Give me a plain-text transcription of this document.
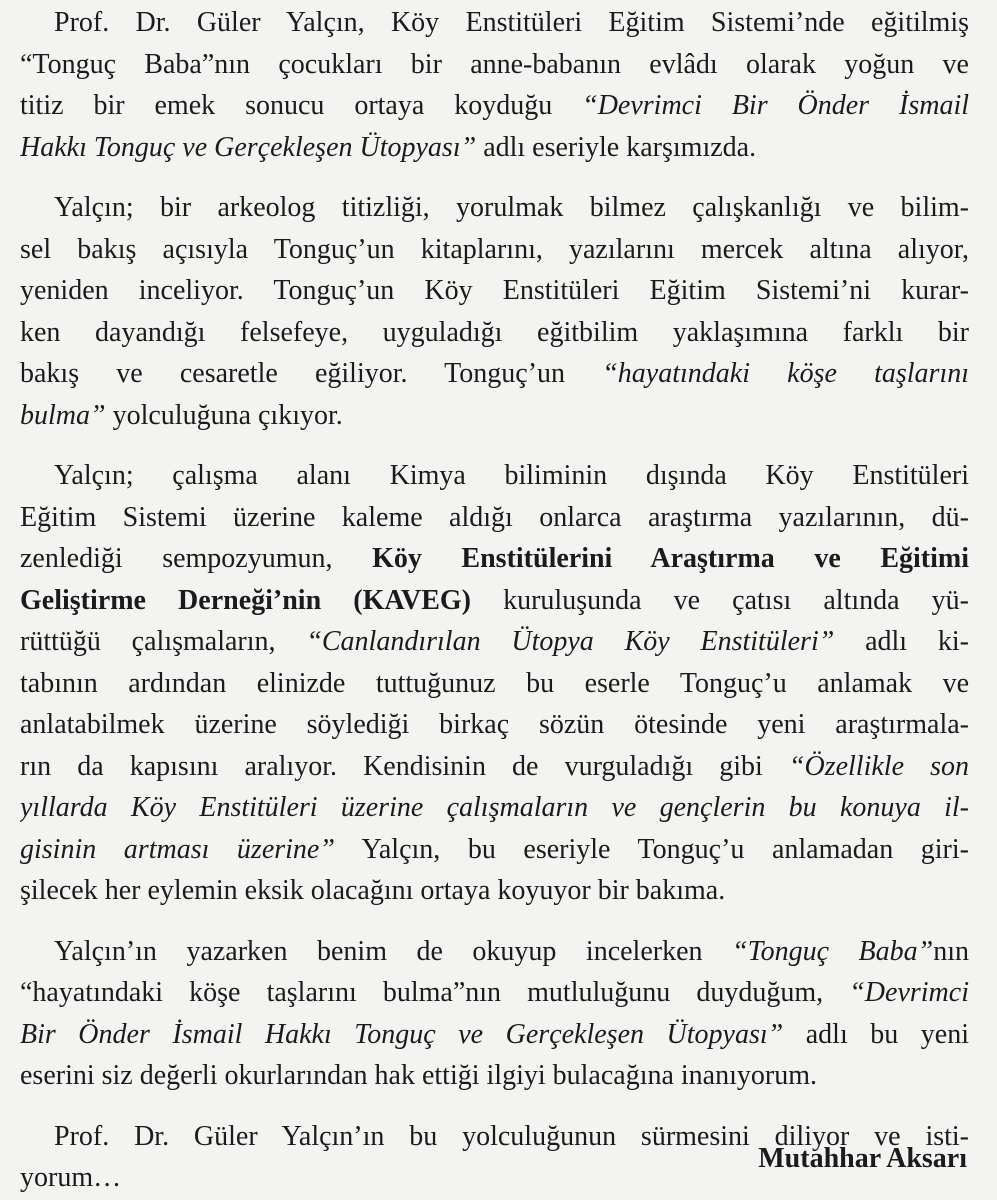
Prof. Dr. Güler Yalçın, Köy Enstitüleri Eğitim Sistemi’nde eğitilmiş
“Tonguç Baba”nın çocukları bir anne-babanın evlâdı olarak yoğun ve
titiz bir emek sonucu ortaya koyduğu “Devrimci Bir Önder İsmail
Hakkı Tonguç ve Gerçekleşen Ütopyası” adlı eseriyle karşımızda.
Yalçın; bir arkeolog titizliği, yorulmak bilmez çalışkanlığı ve bilim-
sel bakış açısıyla Tonguç’un kitaplarını, yazılarını mercek altına alıyor,
yeniden inceliyor. Tonguç’un Köy Enstitüleri Eğitim Sistemi’ni kurar-
ken dayandığı felsefeye, uyguladığı eğitbilim yaklaşımına farklı bir
bakış ve cesaretle eğiliyor. Tonguç’un “hayatındaki köşe taşlarını
bulma” yolculuğuna çıkıyor.
Yalçın; çalışma alanı Kimya biliminin dışında Köy Enstitüleri
Eğitim Sistemi üzerine kaleme aldığı onlarca araştırma yazılarının, dü-
zenlediği sempozyumun, Köy Enstitülerini Araştırma ve Eğitimi
Geliştirme Derneği’nin (KAVEG) kuruluşunda ve çatısı altında yü-
rüttüğü çalışmaların, “Canlandırılan Ütopya Köy Enstitüleri” adlı ki-
tabının ardından elinizde tuttuğunuz bu eserle Tonguç’u anlamak ve
anlatabilmek üzerine söylediği birkaç sözün ötesinde yeni araştırmala-
rın da kapısını aralıyor. Kendisinin de vurguladığı gibi “Özellikle son
yıllarda Köy Enstitüleri üzerine çalışmaların ve gençlerin bu konuya il-
gisinin artması üzerine” Yalçın, bu eseriyle Tonguç’u anlamadan giri-
şilecek her eylemin eksik olacağını ortaya koyuyor bir bakıma.
Yalçın’ın yazarken benim de okuyup incelerken “Tonguç Baba”nın
“hayatındaki köşe taşlarını bulma”nın mutluluğunu duyduğum, “Devrimci
Bir Önder İsmail Hakkı Tonguç ve Gerçekleşen Ütopyası” adlı bu yeni
eserini siz değerli okurlarından hak ettiği ilgiyi bulacağına inanıyorum.
Prof. Dr. Güler Yalçın’ın bu yolculuğunun sürmesini diliyor ve isti-
yorum…
Mutahhar Aksarı
